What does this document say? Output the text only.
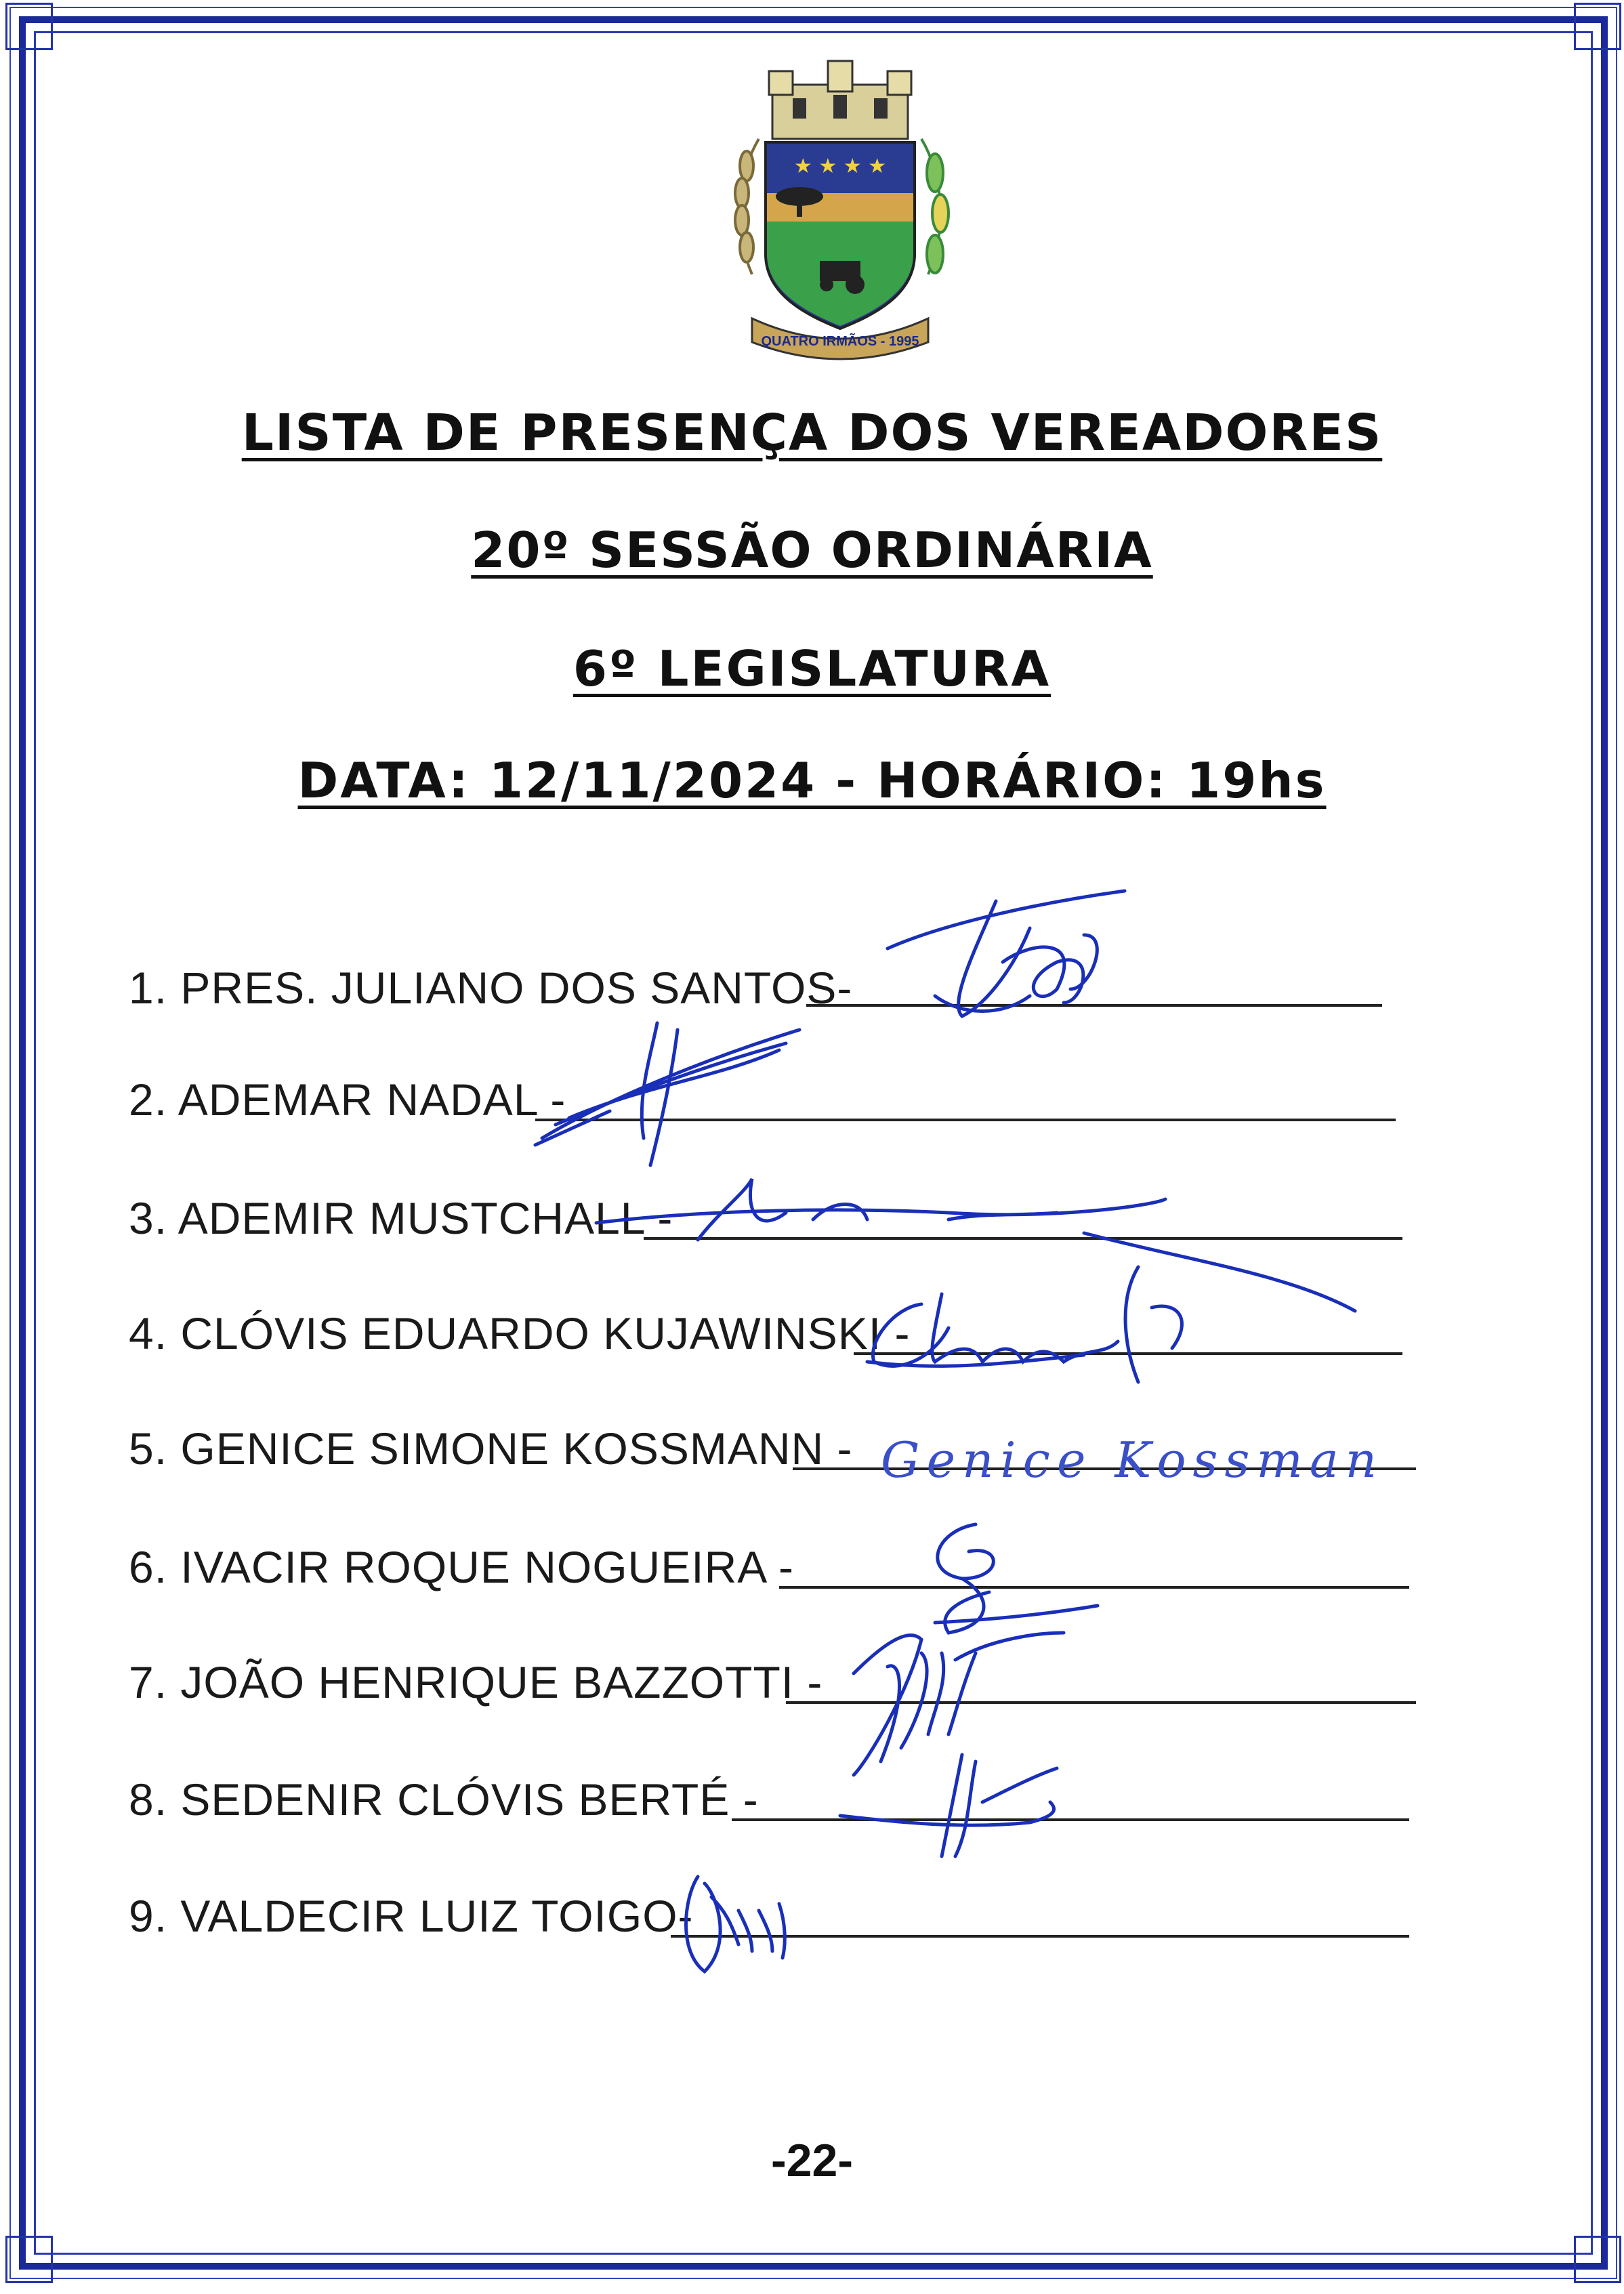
★ ★ ★ ★
QUATRO IRMÃOS - 1995
LISTA DE PRESENÇA DOS VEREADORES
20º SESSÃO ORDINÁRIA
6º LEGISLATURA
DATA: 12/11/2024 - HORÁRIO: 19hs
1. PRES. JULIANO DOS SANTOS-
2. ADEMAR NADAL -
3. ADEMIR MUSTCHALL -
4. CLÓVIS EDUARDO KUJAWINSKI -
5. GENICE SIMONE KOSSMANN -
6. IVACIR ROQUE NOGUEIRA -
7. JOÃO HENRIQUE BAZZOTTI -
8. SEDENIR CLÓVIS BERTÉ -
9. VALDECIR LUIZ TOIGO-
Genice Kossman
-22-
